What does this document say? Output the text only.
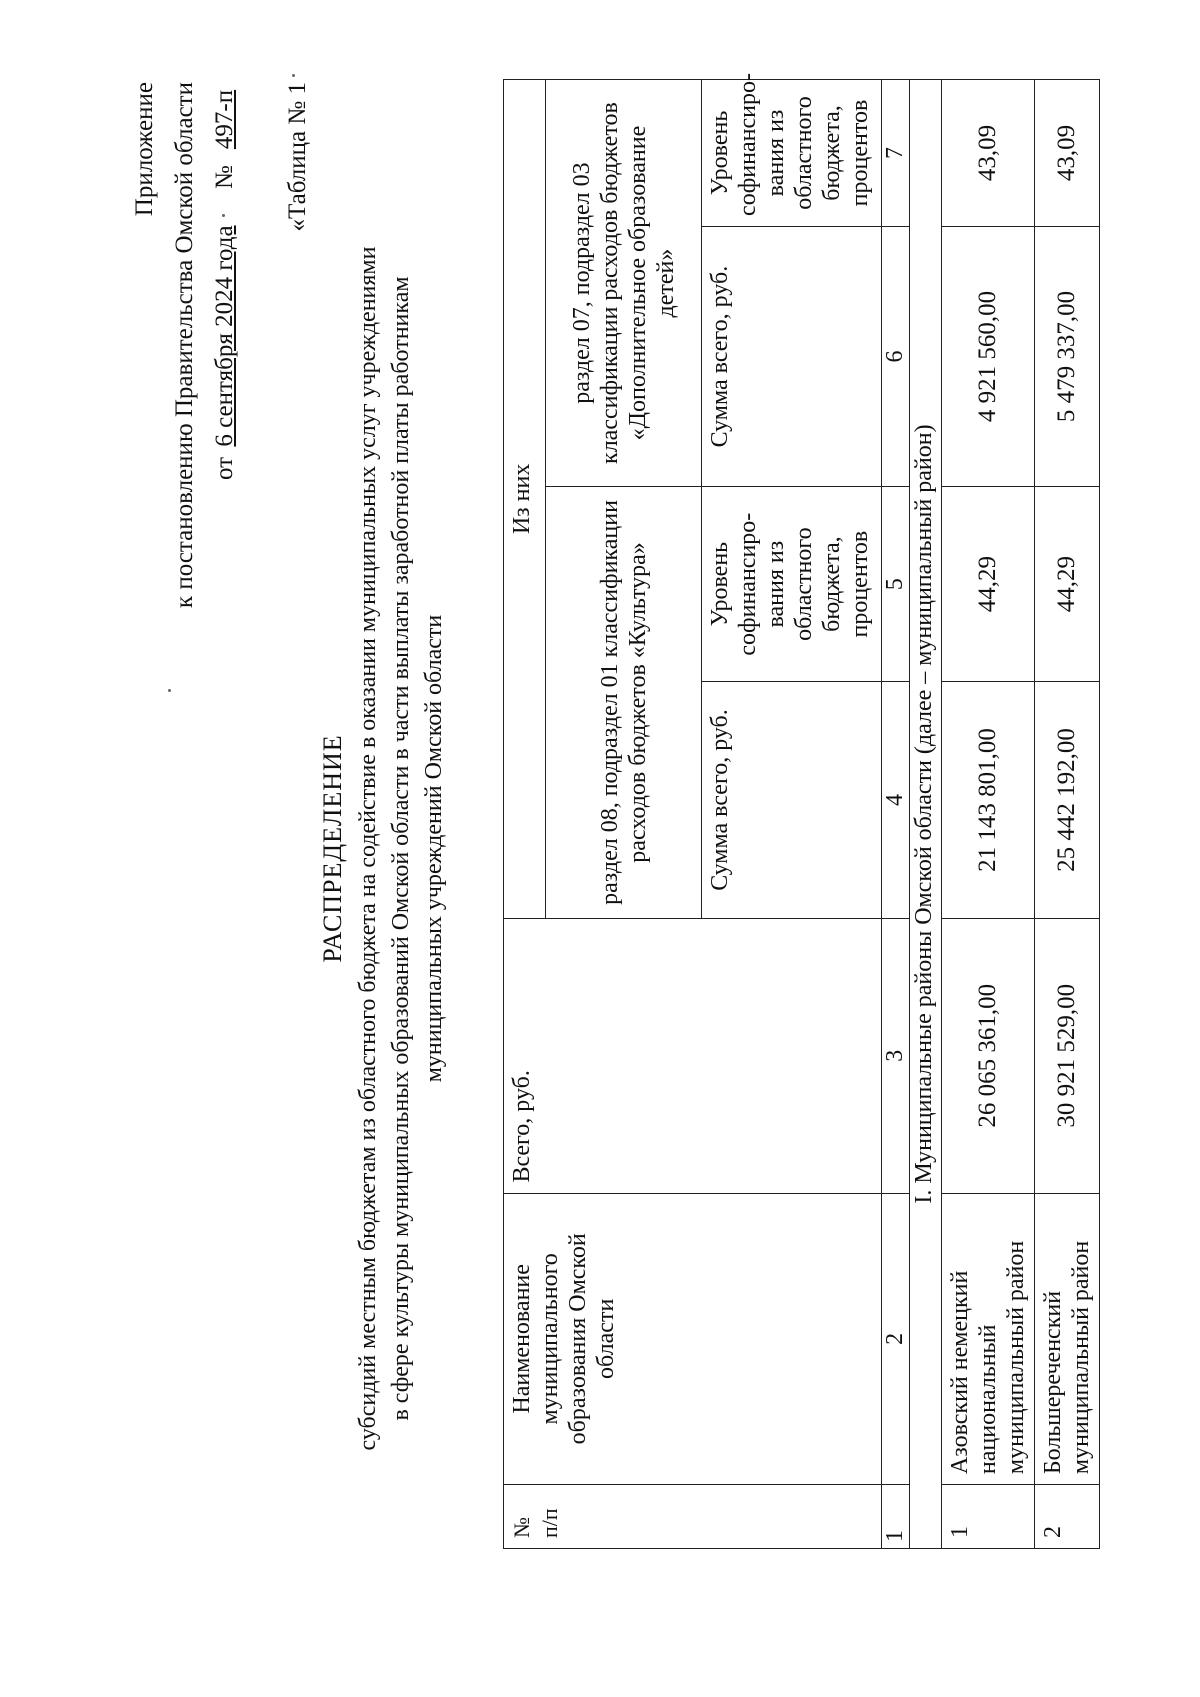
Приложение к постановлению Правительства Омской области от
6 сентября 2024 года
№
497-п «Таблица № 1
РАСПРЕДЕЛЕНИЕ субсидий местным бюджетам из областного бюджета на содействие в оказании муниципальных услуг учреждениями в сфере культуры муниципальных образований Омской области в части выплаты заработной платы работникам муниципальных учреждений Омской области
№ п/п	Наименование муниципального образования Омской области	Всего, руб.	Из них			
			раздел 08, подраздел 01 классификации расходов бюджетов «Культура»		раздел 07, подраздел 03 классификации расходов бюджетов «Дополнительное образование детей»	
			Сумма всего, руб.	Уровень софинансиро-вания из областного бюджета, процентов	Сумма всего, руб.	Уровень софинансиро-вания из областного бюджета, процентов
1	2	3	4	5	6	7
I. Муниципальные районы Омской области (далее – муниципальный район)						
1	Азовский немецкий национальный муниципальный район	26 065 361,00	21 143 801,00	44,29	4 921 560,00	43,09
2	Большереченский муниципальный район	30 921 529,00	25 442 192,00	44,29	5 479 337,00	43,09
